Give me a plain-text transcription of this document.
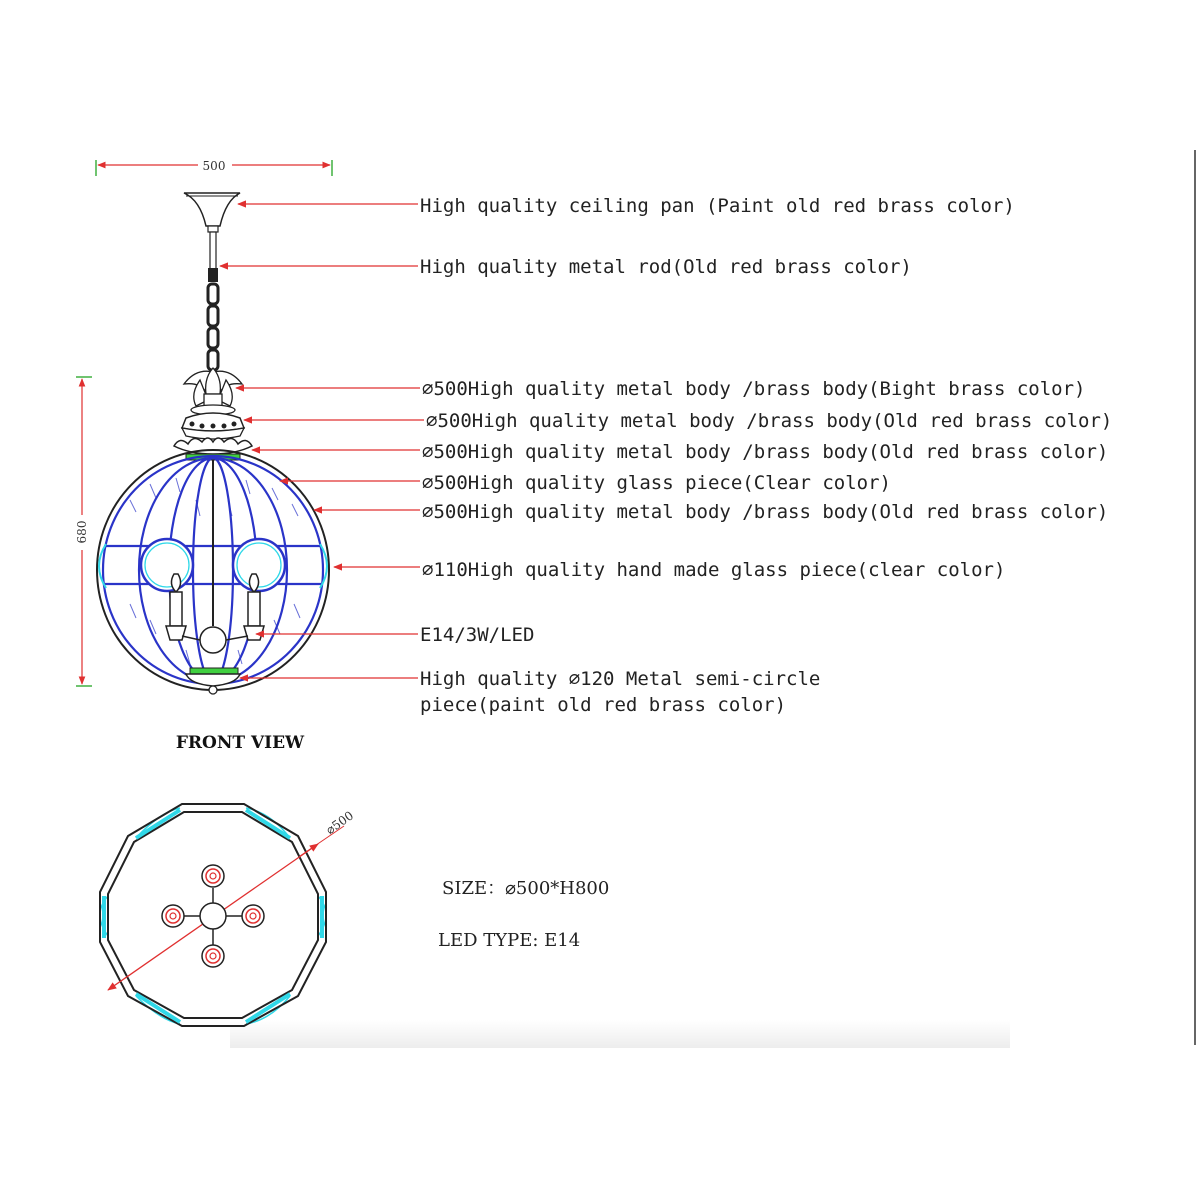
500
680
High quality ceiling pan (Paint old red brass color)
High quality metal rod(Old red brass color)
⌀500High quality metal body /brass body(Bight brass color)
⌀500High quality metal body /brass body(Old red brass color)
⌀500High quality metal body /brass body(Old red brass color)
⌀500High quality glass piece(Clear color)
⌀500High quality metal body /brass body(Old red brass color)
⌀110High quality hand made glass piece(clear color)
E14/3W/LED
High quality ⌀120 Metal semi-circle
piece(paint old red brass color)
FRONT VIEW
⌀500
SIZE：⌀500*H800
LED TYPE: E14
